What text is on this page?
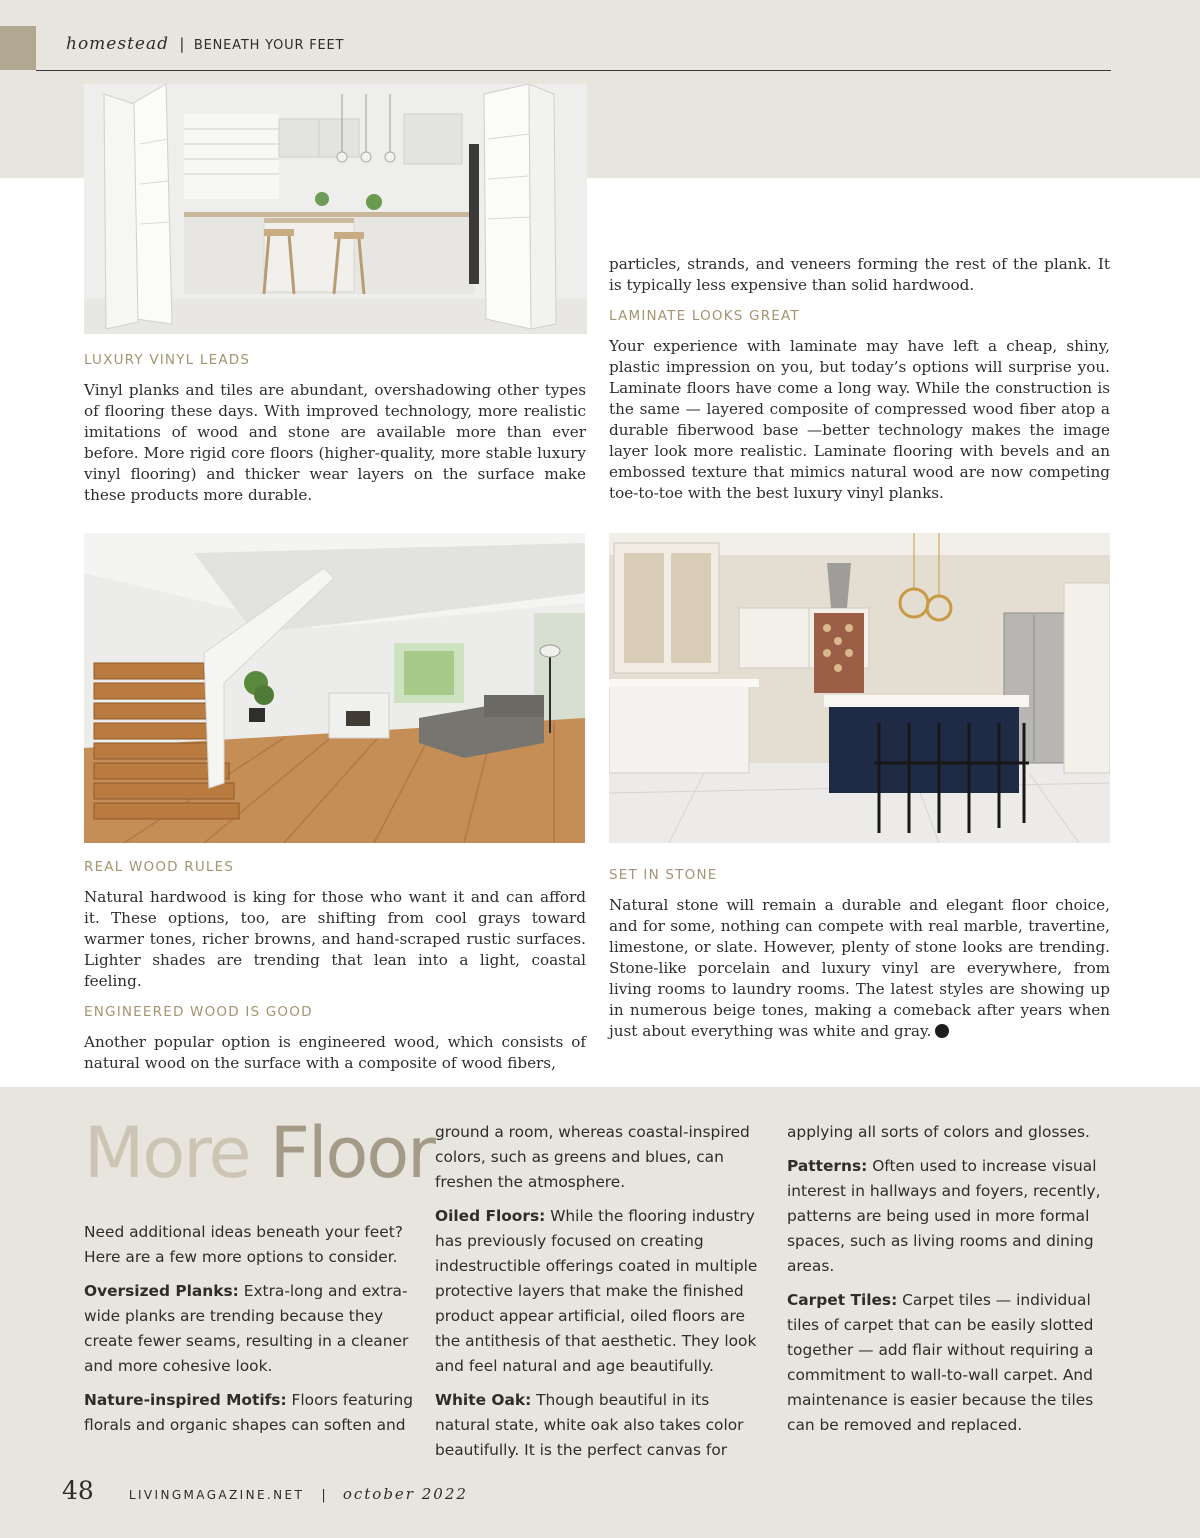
homestead | BENEATH YOUR FEET

particles, strands, and veneers forming the rest of the plank. It is typically less expensive than solid hardwood.

LAMINATE LOOKS GREAT

Your experience with laminate may have left a cheap, shiny, plastic impression on you, but today’s options will surprise you. Laminate floors have come a long way. While the construction is the same — layered composite of compressed wood fiber atop a durable fiberwood base —better technology makes the image layer look more realistic. Laminate flooring with bevels and an embossed texture that mimics natural wood are now competing toe-to-toe with the best luxury vinyl planks.

LUXURY VINYL LEADS

Vinyl planks and tiles are abundant, overshadowing other types of flooring these days. With improved technology, more realistic imitations of wood and stone are available more than ever before. More rigid core floors (higher-quality, more stable luxury vinyl flooring) and thicker wear layers on the surface make these products more durable.

REAL WOOD RULES

Natural hardwood is king for those who want it and can afford it. These options, too, are shifting from cool grays toward warmer tones, richer browns, and hand-scraped rustic surfaces. Lighter shades are trending that lean into a light, coastal feeling.

ENGINEERED WOOD IS GOOD

Another popular option is engineered wood, which consists of natural wood on the surface with a composite of wood fibers,

SET IN STONE

Natural stone will remain a durable and elegant floor choice, and for some, nothing can compete with real marble, travertine, limestone, or slate. However, plenty of stone looks are trending. Stone-like porcelain and luxury vinyl are everywhere, from living rooms to laundry rooms. The latest styles are showing up in numerous beige tones, making a comeback after years when just about everything was white and gray.

More Floor

Need additional ideas beneath your feet? Here are a few more options to consider.

Oversized Planks: Extra-long and extra-wide planks are trending because they create fewer seams, resulting in a cleaner and more cohesive look.

Nature-inspired Motifs: Floors featuring florals and organic shapes can soften and

ground a room, whereas coastal-inspired colors, such as greens and blues, can freshen the atmosphere.

Oiled Floors: While the flooring industry has previously focused on creating indestructible offerings coated in multiple protective layers that make the finished product appear artificial, oiled floors are the antithesis of that aesthetic. They look and feel natural and age beautifully.

White Oak: Though beautiful in its natural state, white oak also takes color beautifully. It is the perfect canvas for

applying all sorts of colors and glosses.

Patterns: Often used to increase visual interest in hallways and foyers, recently, patterns are being used in more formal spaces, such as living rooms and dining areas.

Carpet Tiles: Carpet tiles — individual tiles of carpet that can be easily slotted together — add flair without requiring a commitment to wall-to-wall carpet. And maintenance is easier because the tiles can be removed and replaced.

48	LIVINGMAGAZINE.NET | october 2022
